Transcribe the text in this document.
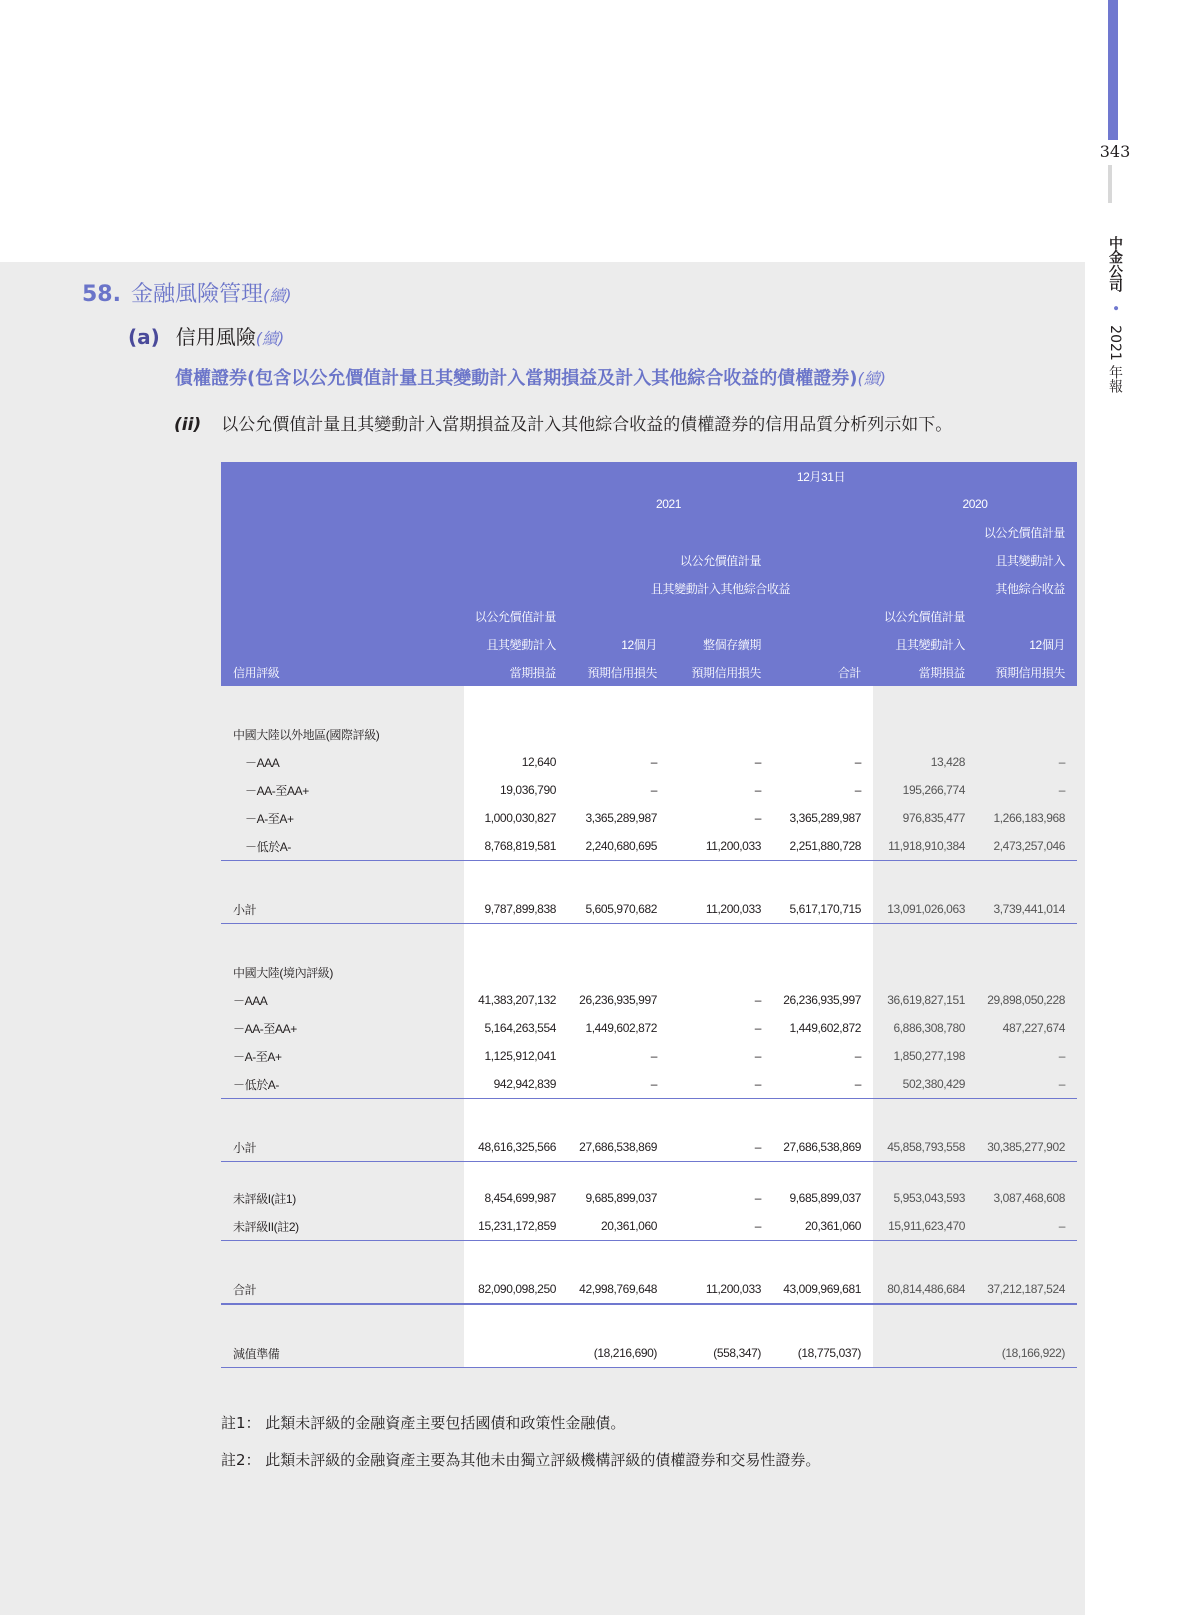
343
中金公司 • 2021 年報
58. 金融風險管理(續)
(a) 信用風險(續)
債權證券(包含以公允價值計量且其變動計入當期損益及計入其他綜合收益的債權證券)(續)
(ii) 以公允價值計量且其變動計入當期損益及計入其他綜合收益的債權證券的信用品質分析列示如下。
			12月31日			
	2021				2020	
						以公允價值計量
		以公允價值計量				且其變動計入
		且其變動計入其他綜合收益				其他綜合收益
	以公允價值計量				以公允價值計量	
	且其變動計入	12個月	整個存續期		且其變動計入	12個月
信用評級	當期損益	預期信用損失	預期信用損失	合計	當期損益	預期信用損失

中國大陸以外地區(國際評級)						
－AAA	12,640	–	–	–	13,428	–
－AA-至AA+	19,036,790	–	–	–	195,266,774	–
－A-至A+	1,000,030,827	3,365,289,987	–	3,365,289,987	976,835,477	1,266,183,968
－低於A-	8,768,819,581	2,240,680,695	11,200,033	2,251,880,728	11,918,910,384	2,473,257,046

小計	9,787,899,838	5,605,970,682	11,200,033	5,617,170,715	13,091,026,063	3,739,441,014

中國大陸(境內評級)						
－AAA	41,383,207,132	26,236,935,997	–	26,236,935,997	36,619,827,151	29,898,050,228
－AA-至AA+	5,164,263,554	1,449,602,872	–	1,449,602,872	6,886,308,780	487,227,674
－A-至A+	1,125,912,041	–	–	–	1,850,277,198	–
－低於A-	942,942,839	–	–	–	502,380,429	–

小計	48,616,325,566	27,686,538,869	–	27,686,538,869	45,858,793,558	30,385,277,902

未評級I(註1)	8,454,699,987	9,685,899,037	–	9,685,899,037	5,953,043,593	3,087,468,608
未評級II(註2)	15,231,172,859	20,361,060	–	20,361,060	15,911,623,470	–

合計	82,090,098,250	42,998,769,648	11,200,033	43,009,969,681	80,814,486,684	37,212,187,524

減值準備		(18,216,690)	(558,347)	(18,775,037)		(18,166,922)
註1： 此類未評級的金融資產主要包括國債和政策性金融債。
註2： 此類未評級的金融資產主要為其他未由獨立評級機構評級的債權證券和交易性證券。
